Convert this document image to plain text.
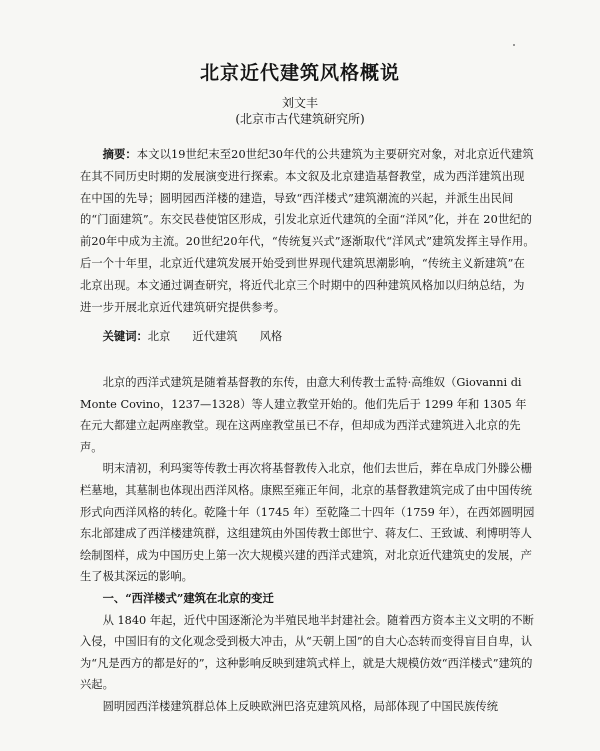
北京近代建筑风格概说
刘文丰
(北京市古代建筑研究所)

摘要：本文以19世纪末至20世纪30年代的公共建筑为主要研究对象，对北京近代建筑在其不同历史时期的发展演变进行探索。本文叙及北京建造基督教堂，成为西洋建筑出现在中国的先导；圆明园西洋楼的建造，导致“西洋楼式”建筑潮流的兴起，并派生出民间的“门面建筑”。东交民巷使馆区形成，引发北京近代建筑的全面“洋风”化，并在 20世纪的前20年中成为主流。20世纪20年代，“传统复兴式”逐渐取代“洋风式”建筑发挥主导作用。后一个十年里，北京近代建筑发展开始受到世界现代建筑思潮影响，“传统主义新建筑”在北京出现。本文通过调查研究，将近代北京三个时期中的四种建筑风格加以归纳总结，为进一步开展北京近代建筑研究提供参考。

关键词：北京 近代建筑 风格

北京的西洋式建筑是随着基督教的东传，由意大利传教士孟特·高维奴（Giovanni di Monte Covino，1237—1328）等人建立教堂开始的。他们先后于 1299 年和 1305 年在元大都建立起两座教堂。现在这两座教堂虽已不存，但却成为西洋式建筑进入北京的先声。

明末清初，利玛窦等传教士再次将基督教传入北京，他们去世后，葬在阜成门外滕公栅栏墓地，其墓制也体现出西洋风格。康熙至雍正年间，北京的基督教建筑完成了由中国传统形式向西洋风格的转化。乾隆十年（1745 年）至乾隆二十四年（1759 年），在西郊圆明园东北部建成了西洋楼建筑群，这组建筑由外国传教士郎世宁、蒋友仁、王致诚、利博明等人绘制图样，成为中国历史上第一次大规模兴建的西洋式建筑，对北京近代建筑史的发展，产生了极其深远的影响。

一、“西洋楼式”建筑在北京的变迁

从 1840 年起，近代中国逐渐沦为半殖民地半封建社会。随着西方资本主义文明的不断入侵，中国旧有的文化观念受到极大冲击，从“天朝上国”的自大心态转而变得盲目自卑，认为“凡是西方的都是好的”，这种影响反映到建筑式样上，就是大规模仿效“西洋楼式”建筑的兴起。

圆明园西洋楼建筑群总体上反映欧洲巴洛克建筑风格，局部体现了中国民族传统
